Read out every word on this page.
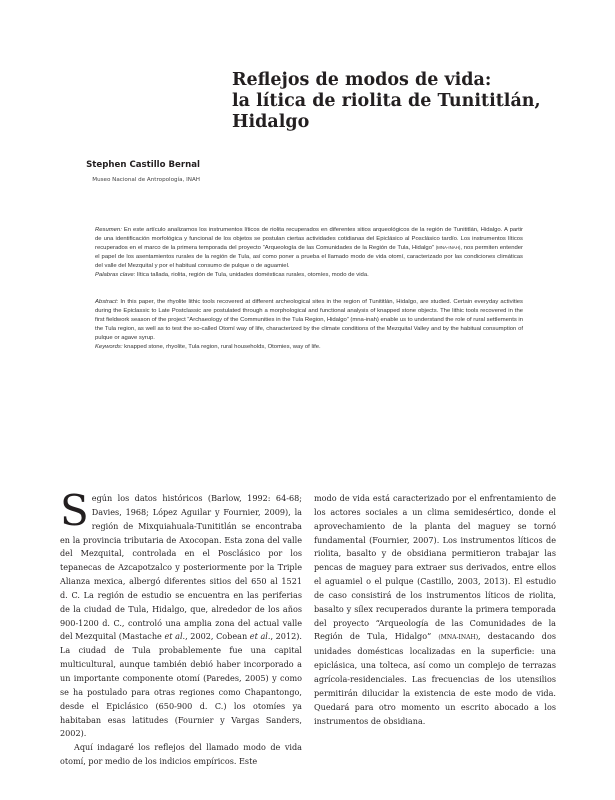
Reflejos de modos de vida:
la lítica de riolita de Tunititlán, Hidalgo
Stephen Castillo Bernal
Museo Nacional de Antropología, INAH

Resumen: En este artículo analizamos los instrumentos líticos de riolita recuperados en diferentes sitios arqueológicos de la región de Tunititlán, Hidalgo. A partir de una identificación morfológica y funcional de los objetos se postulan ciertas actividades cotidianas del Epiclásico al Posclásico tardío. Los instrumentos líticos recuperados en el marco de la primera temporada del proyecto “Arqueología de las Comunidades de la Región de Tula, Hidalgo” (MNA-INAH), nos permiten entender el papel de los asentamientos rurales de la región de Tula, así como poner a prueba el llamado modo de vida otomí, caracterizado por las condiciones climáticas del valle del Mezquital y por el habitual consumo de pulque o de aguamiel.
Palabras clave: lítica tallada, riolita, región de Tula, unidades domésticas rurales, otomíes, modo de vida.

Abstract: In this paper, the rhyolite lithic tools recovered at different archeological sites in the region of Tunititlán, Hidalgo, are studied. Certain everyday activities during the Epiclassic to Late Postclassic are postulated through a morphological and functional analysis of knapped stone objects. The lithic tools recovered in the first fieldwork season of the project “Archaeology of the Communities in the Tula Region, Hidalgo” (mna-inah) enable us to understand the role of rural settlements in the Tula region, as well as to test the so-called Otomí way of life, characterized by the climate conditions of the Mezquital Valley and by the habitual consumption of pulque or agave syrup.
Keywords: knapped stone, rhyolite, Tula region, rural households, Otomies, way of life.

Según los datos históricos (Barlow, 1992: 64-68; Davies, 1968; López Aguilar y Fournier, 2009), la región de Mixquiahuala-Tunititlán se encontraba en la provincia tributaria de Axocopan. Esta zona del valle del Mezquital, controlada en el Posclásico por los tepanecas de Azcapotzalco y posteriormente por la Triple Alianza mexica, albergó diferentes sitios del 650 al 1521 d. C. La región de estudio se encuentra en las periferias de la ciudad de Tula, Hidalgo, que, alrededor de los años 900-1200 d. C., controló una amplia zona del actual valle del Mezquital (Mastache et al., 2002, Cobean et al., 2012). La ciudad de Tula probablemente fue una capital multicultural, aunque también debió haber incorporado a un importante componente otomí (Paredes, 2005) y como se ha postulado para otras regiones como Chapantongo, desde el Epiclásico (650-900 d. C.) los otomíes ya habitaban esas latitudes (Fournier y Vargas Sanders, 2002).

Aquí indagaré los reflejos del llamado modo de vida otomí, por medio de los indicios empíricos. Este

modo de vida está caracterizado por el enfrentamiento de los actores sociales a un clima semidesértico, donde el aprovechamiento de la planta del maguey se tornó fundamental (Fournier, 2007). Los instrumentos líticos de riolita, basalto y de obsidiana permitieron trabajar las pencas de maguey para extraer sus derivados, entre ellos el aguamiel o el pulque (Castillo, 2003, 2013). El estudio de caso consistirá de los instrumentos líticos de riolita, basalto y sílex recuperados durante la primera temporada del proyecto “Arqueología de las Comunidades de la Región de Tula, Hidalgo” (MNA-INAH), destacando dos unidades domésticas localizadas en la superficie: una epiclásica, una tolteca, así como un complejo de terrazas agrícola-residenciales. Las frecuencias de los utensilios permitirán dilucidar la existencia de este modo de vida. Quedará para otro momento un escrito abocado a los instrumentos de obsidiana.
